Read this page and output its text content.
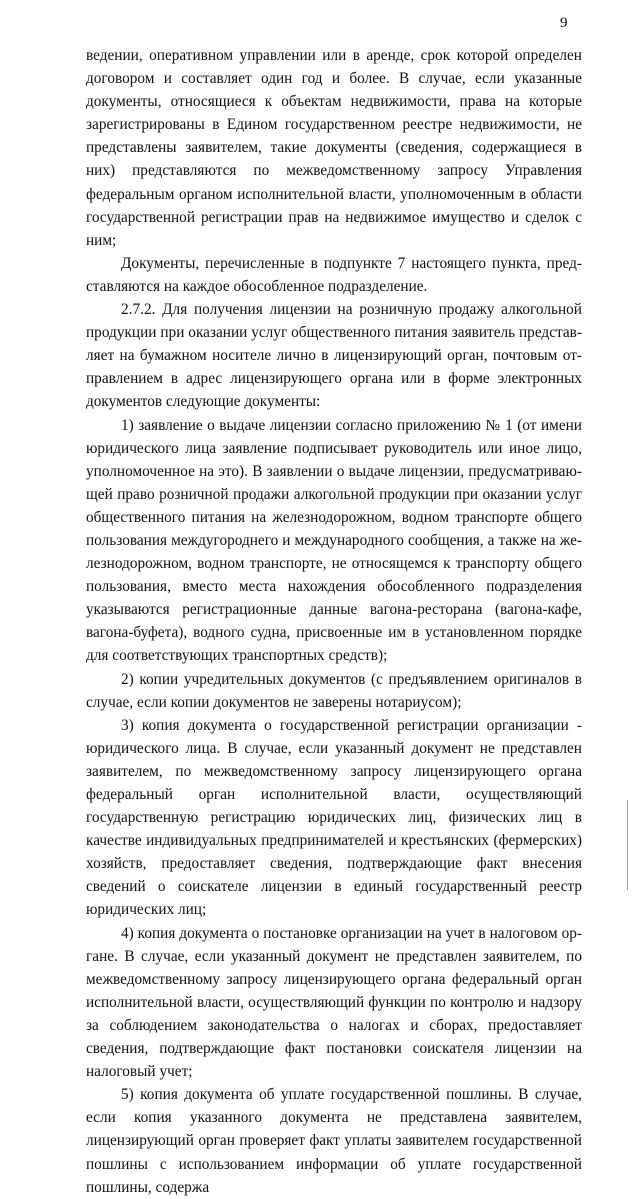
9

ведении, оперативном управлении или в аренде, срок которой определен договором и составляет один год и более. В случае, если указанные документы, относящиеся к объектам недвижимости, права на которые зарегистрированы в Едином государственном реестре недвижимости, не представлены заявителем, такие документы (сведения, содержащиеся в них) представляются по межведомственному запросу Управления федеральным органом исполнительной власти, уполномоченным в области государственной регистрации прав на недвижимое имущество и сделок с ним;

Документы, перечисленные в подпункте 7 настоящего пункта, представляются на каждое обособленное подразделение.

2.7.2. Для получения лицензии на розничную продажу алкогольной продукции при оказании услуг общественного питания заявитель представляет на бумажном носителе лично в лицензирующий орган, почтовым отправлением в адрес лицензирующего органа или в форме электронных документов следующие документы:

1) заявление о выдаче лицензии согласно приложению № 1 (от имени юридического лица заявление подписывает руководитель или иное лицо, уполномоченное на это). В заявлении о выдаче лицензии, предусматривающей право розничной продажи алкогольной продукции при оказании услуг общественного питания на железнодорожном, водном транспорте общего пользования междугороднего и международного сообщения, а также на железнодорожном, водном транспорте, не относящемся к транспорту общего пользования, вместо места нахождения обособленного подразделения указываются регистрационные данные вагона-ресторана (вагона-кафе, вагона-буфета), водного судна, присвоенные им в установленном порядке для соответствующих транспортных средств);

2) копии учредительных документов (с предъявлением оригиналов в случае, если копии документов не заверены нотариусом);

3) копия документа о государственной регистрации организации - юридического лица. В случае, если указанный документ не представлен заявителем, по межведомственному запросу лицензирующего органа федеральный орган исполнительной власти, осуществляющий государственную регистрацию юридических лиц, физических лиц в качестве индивидуальных предпринимателей и крестьянских (фермерских) хозяйств, предоставляет сведения, подтверждающие факт внесения сведений о соискателе лицензии в единый государственный реестр юридических лиц;

4) копия документа о постановке организации на учет в налоговом органе. В случае, если указанный документ не представлен заявителем, по межведомственному запросу лицензирующего органа федеральный орган исполнительной власти, осуществляющий функции по контролю и надзору за соблюдением законодательства о налогах и сборах, предоставляет сведения, подтверждающие факт постановки соискателя лицензии на налоговый учет;

5) копия документа об уплате государственной пошлины. В случае, если копия указанного документа не представлена заявителем, лицензирующий орган проверяет факт уплаты заявителем государственной пошлины с использованием информации об уплате государственной пошлины, содержа
